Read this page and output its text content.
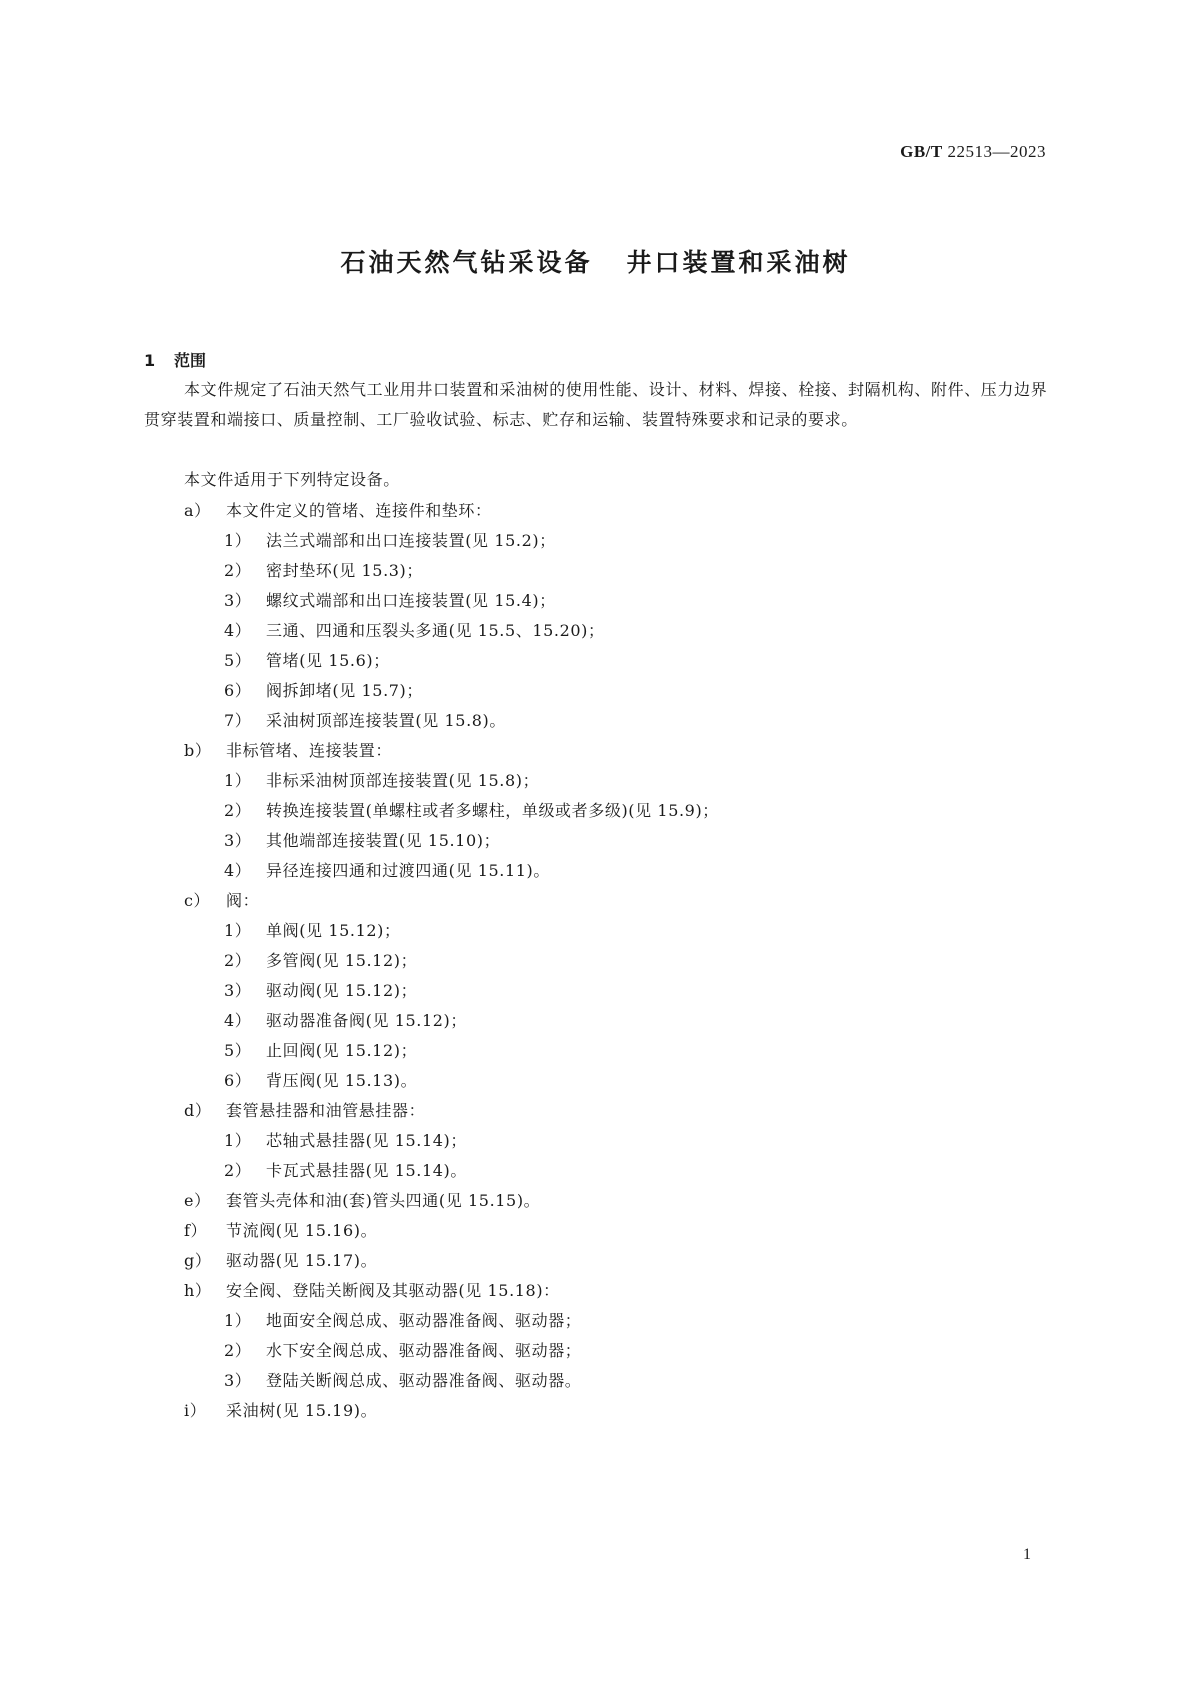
GB/T 22513—2023
石油天然气钻采设备 井口装置和采油树
1 范围
本文件规定了石油天然气工业用井口装置和采油树的使用性能、设计、材料、焊接、栓接、封隔机构、附件、压力边界贯穿装置和端接口、质量控制、工厂验收试验、标志、贮存和运输、装置特殊要求和记录的要求。
本文件适用于下列特定设备。
a） 本文件定义的管堵、连接件和垫环：
1） 法兰式端部和出口连接装置(见 15.2)；
2） 密封垫环(见 15.3)；
3） 螺纹式端部和出口连接装置(见 15.4)；
4） 三通、四通和压裂头多通(见 15.5、15.20)；
5） 管堵(见 15.6)；
6） 阀拆卸堵(见 15.7)；
7） 采油树顶部连接装置(见 15.8)。
b） 非标管堵、连接装置：
1） 非标采油树顶部连接装置(见 15.8)；
2） 转换连接装置(单螺柱或者多螺柱，单级或者多级)(见 15.9)；
3） 其他端部连接装置(见 15.10)；
4） 异径连接四通和过渡四通(见 15.11)。
c） 阀：
1） 单阀(见 15.12)；
2） 多管阀(见 15.12)；
3） 驱动阀(见 15.12)；
4） 驱动器准备阀(见 15.12)；
5） 止回阀(见 15.12)；
6） 背压阀(见 15.13)。
d） 套管悬挂器和油管悬挂器：
1） 芯轴式悬挂器(见 15.14)；
2） 卡瓦式悬挂器(见 15.14)。
e） 套管头壳体和油(套)管头四通(见 15.15)。
f） 节流阀(见 15.16)。
g） 驱动器(见 15.17)。
h） 安全阀、登陆关断阀及其驱动器(见 15.18)：
1） 地面安全阀总成、驱动器准备阀、驱动器；
2） 水下安全阀总成、驱动器准备阀、驱动器；
3） 登陆关断阀总成、驱动器准备阀、驱动器。
i） 采油树(见 15.19)。
1
